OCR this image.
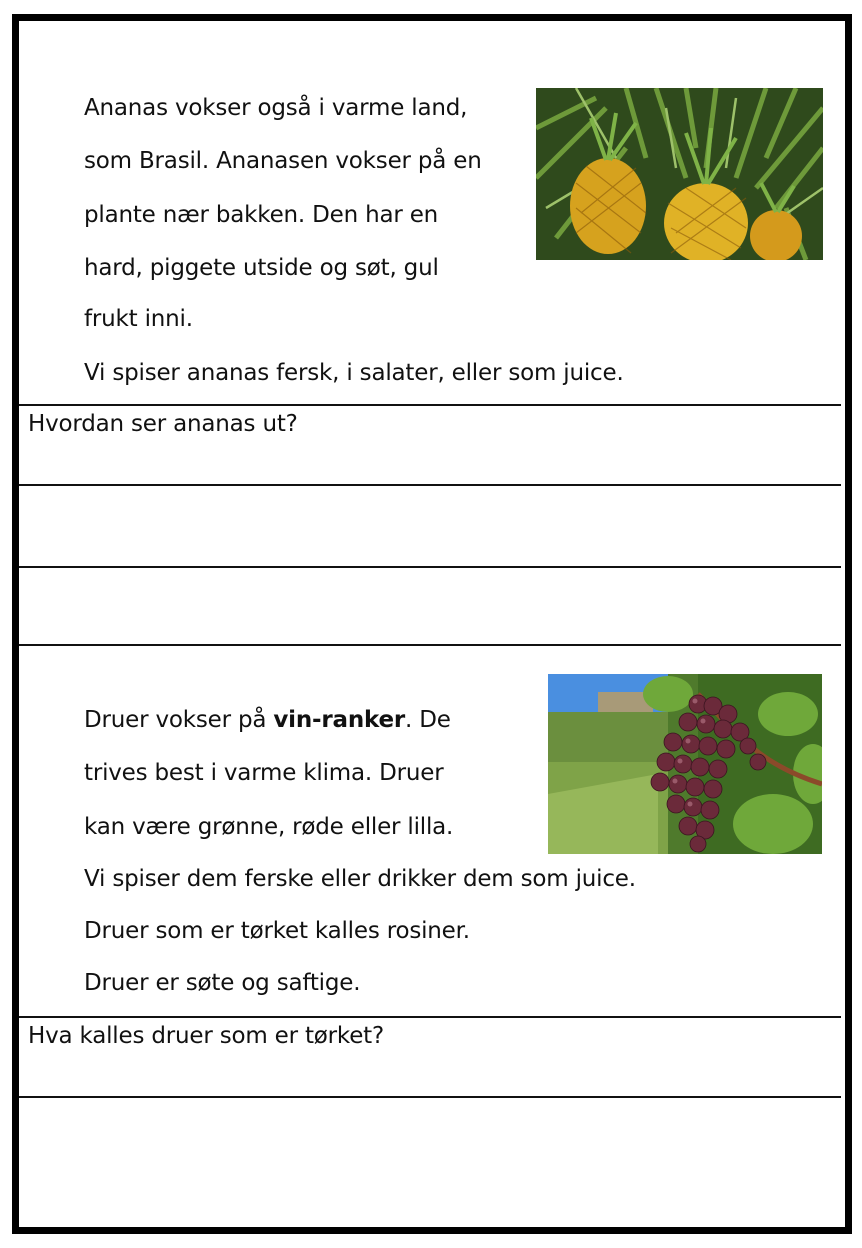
Ananas vokser også i varme land,
som Brasil. Ananasen vokser på en
plante nær bakken. Den har en
hard, piggete utside og søt, gul
frukt inni.
Vi spiser ananas fersk, i salater, eller som juice.
Hvordan ser ananas ut?
Druer vokser på vin-ranker. De
trives best i varme klima. Druer
kan være grønne, røde eller lilla.
Vi spiser dem ferske eller drikker dem som juice.
Druer som er tørket kalles rosiner.
Druer er søte og saftige.
Hva kalles druer som er tørket?
